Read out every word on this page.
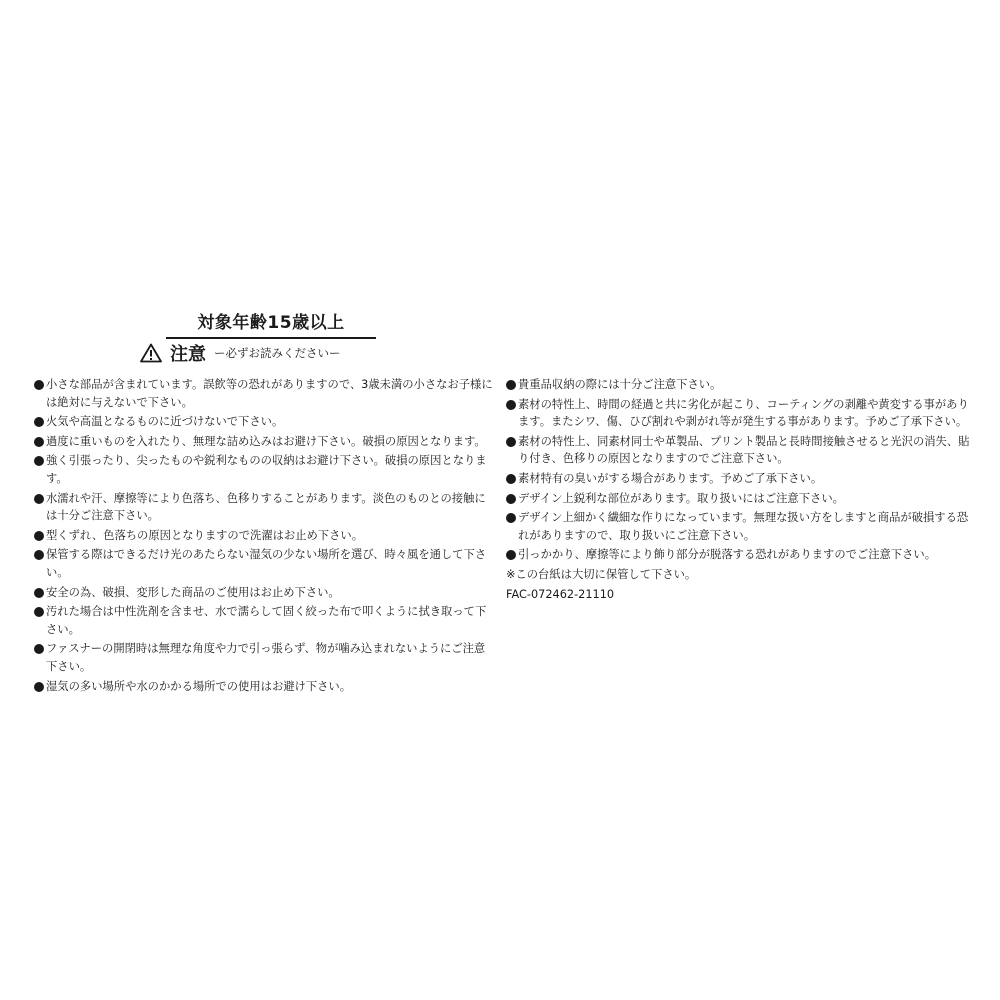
対象年齢15歳以上
注意 ー必ずお読みくださいー
小さな部品が含まれています。誤飲等の恐れがありますので、3歳未満の小さなお子様には絶対に与えないで下さい。
火気や高温となるものに近づけないで下さい。
過度に重いものを入れたり、無理な詰め込みはお避け下さい。破損の原因となります。
強く引張ったり、尖ったものや鋭利なものの収納はお避け下さい。破損の原因となります。
水濡れや汗、摩擦等により色落ち、色移りすることがあります。淡色のものとの接触には十分ご注意下さい。
型くずれ、色落ちの原因となりますので洗濯はお止め下さい。
保管する際はできるだけ光のあたらない湿気の少ない場所を選び、時々風を通して下さい。
安全の為、破損、変形した商品のご使用はお止め下さい。
汚れた場合は中性洗剤を含ませ、水で濡らして固く絞った布で叩くように拭き取って下さい。
ファスナーの開閉時は無理な角度や力で引っ張らず、物が噛み込まれないようにご注意下さい。
湿気の多い場所や水のかかる場所での使用はお避け下さい。
貴重品収納の際には十分ご注意下さい。
素材の特性上、時間の経過と共に劣化が起こり、コーティングの剥離や黄変する事があります。またシワ、傷、ひび割れや剥がれ等が発生する事があります。予めご了承下さい。
素材の特性上、同素材同士や革製品、プリント製品と長時間接触させると光沢の消失、貼り付き、色移りの原因となりますのでご注意下さい。
素材特有の臭いがする場合があります。予めご了承下さい。
デザイン上鋭利な部位があります。取り扱いにはご注意下さい。
デザイン上細かく繊細な作りになっています。無理な扱い方をしますと商品が破損する恐れがありますので、取り扱いにご注意下さい。
引っかかり、摩擦等により飾り部分が脱落する恐れがありますのでご注意下さい。
※この台紙は大切に保管して下さい。
FAC-072462-21110
